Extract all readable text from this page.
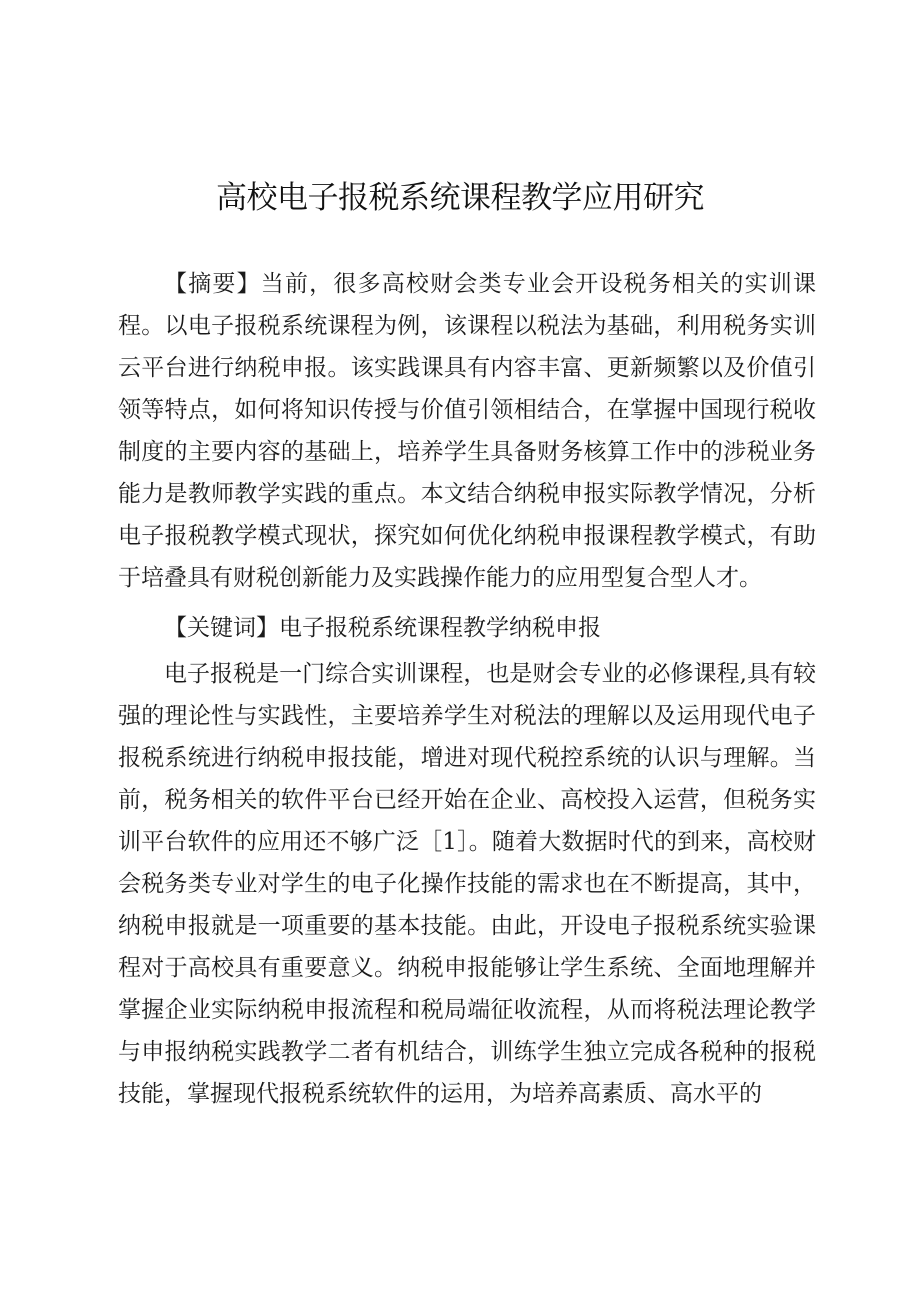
高校电子报税系统课程教学应用研究

【摘要】当前，很多高校财会类专业会开设税务相关的实训课程。以电子报税系统课程为例，该课程以税法为基础，利用税务实训云平台进行纳税申报。该实践课具有内容丰富、更新频繁以及价值引领等特点，如何将知识传授与价值引领相结合，在掌握中国现行税收制度的主要内容的基础上，培养学生具备财务核算工作中的涉税业务能力是教师教学实践的重点。本文结合纳税申报实际教学情况，分析电子报税教学模式现状，探究如何优化纳税申报课程教学模式，有助于培叠具有财税创新能力及实践操作能力的应用型复合型人才。

【关键词】电子报税系统课程教学纳税申报

电子报税是一门综合实训课程，也是财会专业的必修课程,具有较强的理论性与实践性，主要培养学生对税法的理解以及运用现代电子报税系统进行纳税申报技能，增进对现代税控系统的认识与理解。当前，税务相关的软件平台已经开始在企业、高校投入运营，但税务实训平台软件的应用还不够广泛［1］。随着大数据时代的到来，高校财会税务类专业对学生的电子化操作技能的需求也在不断提高，其中，纳税申报就是一项重要的基本技能。由此，开设电子报税系统实验课程对于高校具有重要意义。纳税申报能够让学生系统、全面地理解并掌握企业实际纳税申报流程和税局端征收流程，从而将税法理论教学与申报纳税实践教学二者有机结合，训练学生独立完成各税种的报税技能，掌握现代报税系统软件的运用，为培养高素质、高水平的
